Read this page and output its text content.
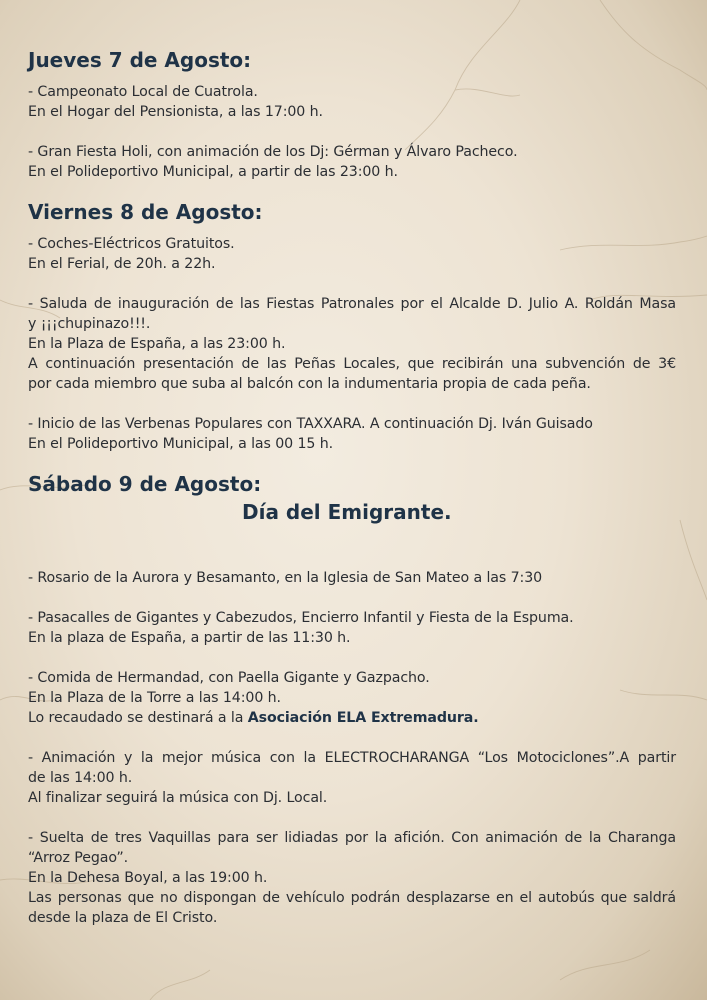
Jueves 7 de Agosto:

- Campeonato Local de Cuatrola.

En el Hogar del Pensionista, a las 17:00 h.

- Gran Fiesta Holi, con animación de los Dj: Gérman y Álvaro Pacheco.

En el Polideportivo Municipal, a partir de las 23:00 h.

Viernes 8 de Agosto:

- Coches-Eléctricos Gratuitos.

En el Ferial, de 20h. a 22h.

- Saluda de inauguración de las Fiestas Patronales por el Alcalde D. Julio A. Roldán Masa

y ¡¡¡chupinazo!!!.

En la Plaza de España, a las 23:00 h.

A continuación presentación de las Peñas Locales, que recibirán una subvención de 3€

por cada miembro que suba al balcón con la indumentaria propia de cada peña.

- Inicio de las Verbenas Populares con TAXXARA. A continuación Dj. Iván Guisado

En el Polideportivo Municipal, a las 00 15 h.

Sábado 9 de Agosto:

Día del Emigrante.

- Rosario de la Aurora y Besamanto, en la Iglesia de San Mateo a las 7:30

- Pasacalles de Gigantes y Cabezudos, Encierro Infantil y Fiesta de la Espuma.

En la plaza de España, a partir de las 11:30 h.

- Comida de Hermandad, con Paella Gigante y Gazpacho.

En la Plaza de la Torre a las 14:00 h.

Lo recaudado se destinará a la Asociación ELA Extremadura.

- Animación y la mejor música con la ELECTROCHARANGA “Los Motociclones”.A partir

de las 14:00 h.

Al finalizar seguirá la música con Dj. Local.

- Suelta de tres Vaquillas para ser lidiadas por la afición. Con animación de la Charanga

“Arroz Pegao”.

En la Dehesa Boyal, a las 19:00 h.

Las personas que no dispongan de vehículo podrán desplazarse en el autobús que saldrá

desde la plaza de El Cristo.
